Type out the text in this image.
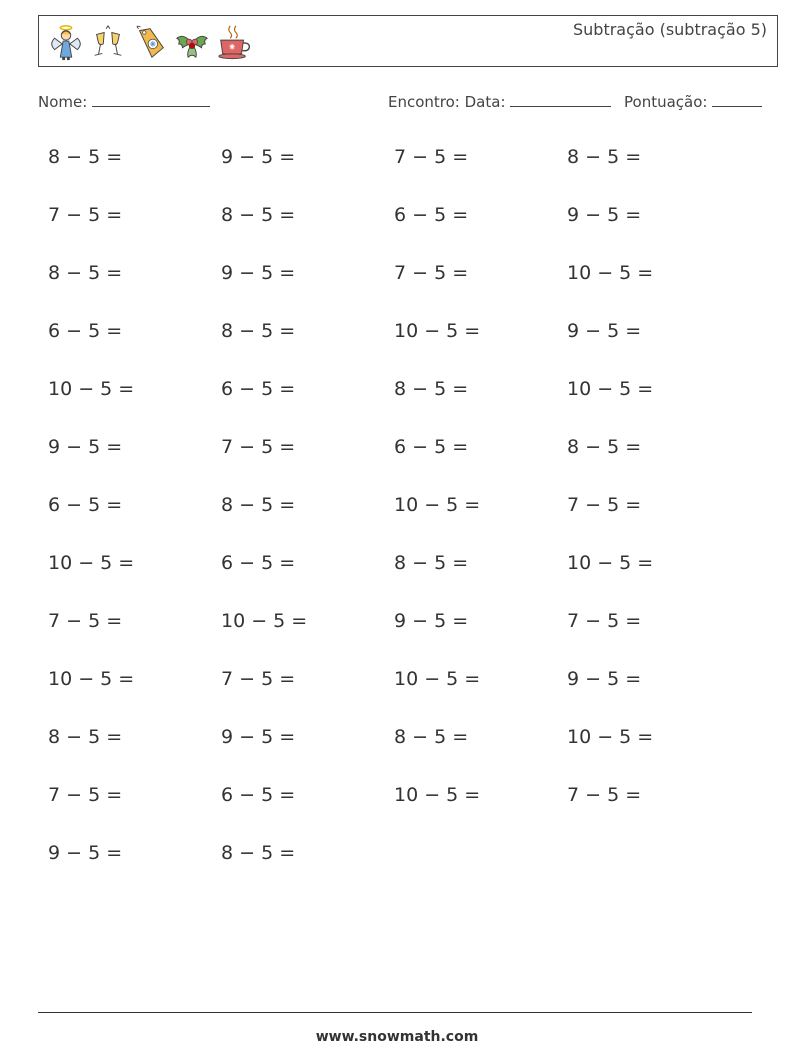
Subtração (subtração 5)
Nome:	Encontro: Data:	Pontuação:
8 − 5 =	9 − 5 =	7 − 5 =	8 − 5 =
7 − 5 =	8 − 5 =	6 − 5 =	9 − 5 =
8 − 5 =	9 − 5 =	7 − 5 =	10 − 5 =
6 − 5 =	8 − 5 =	10 − 5 =	9 − 5 =
10 − 5 =	6 − 5 =	8 − 5 =	10 − 5 =
9 − 5 =	7 − 5 =	6 − 5 =	8 − 5 =
6 − 5 =	8 − 5 =	10 − 5 =	7 − 5 =
10 − 5 =	6 − 5 =	8 − 5 =	10 − 5 =
7 − 5 =	10 − 5 =	9 − 5 =	7 − 5 =
10 − 5 =	7 − 5 =	10 − 5 =	9 − 5 =
8 − 5 =	9 − 5 =	8 − 5 =	10 − 5 =
7 − 5 =	6 − 5 =	10 − 5 =	7 − 5 =
9 − 5 =	8 − 5 =
www.snowmath.com
